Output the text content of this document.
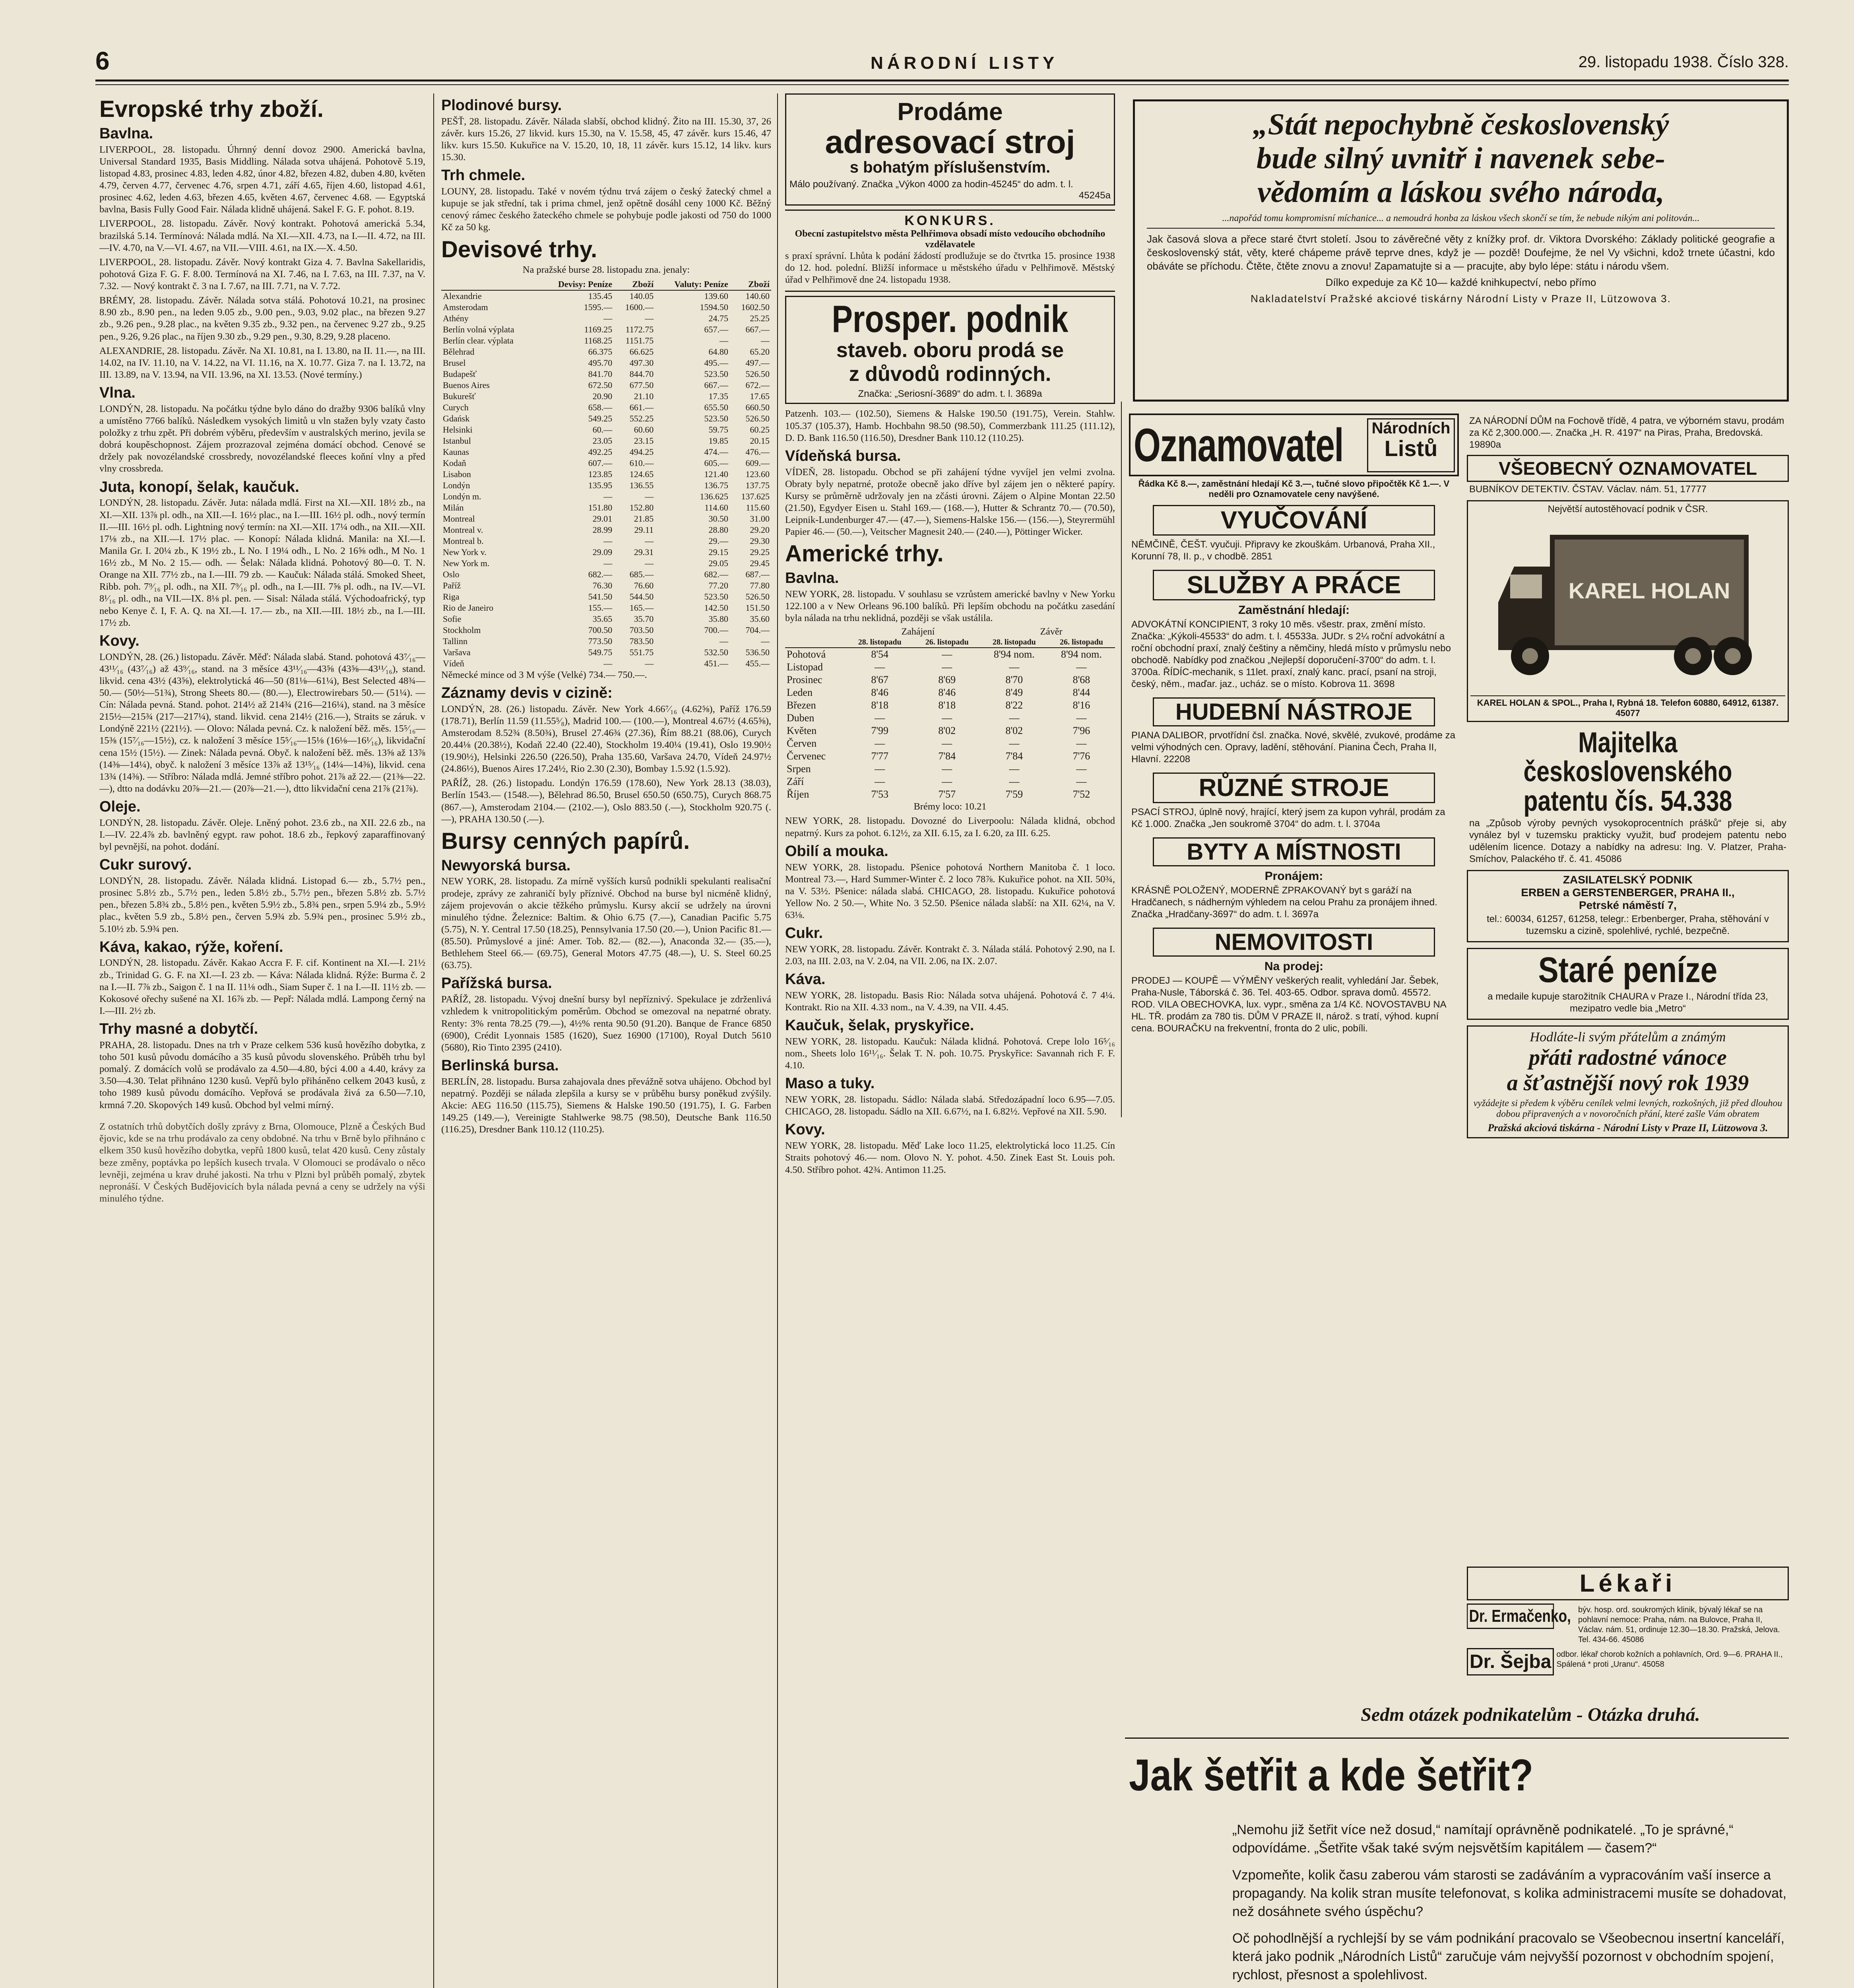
6	NÁRODNÍ LISTY	29. listopadu 1938. Číslo 328.
Evropské trhy zboží.
Bavlna.

LIVERPOOL, 28. listopadu. Úhrnný denní dovoz 2900. Americká bavlna, Universal Standard 1935, Basis Middling. Nálada sotva uhájená. Pohotově 5.19, listopad 4.83, prosinec 4.83, leden 4.82, únor 4.82, březen 4.82, duben 4.80, květen 4.79, červen 4.77, červenec 4.76, srpen 4.71, září 4.65, říjen 4.60, listopad 4.61, prosinec 4.62, leden 4.63, březen 4.65, květen 4.67, červenec 4.68. — Egyptská bavlna, Basis Fully Good Fair. Nálada klidně uhájená. Sakel F. G. F. pohot. 8.19.

LIVERPOOL, 28. listopadu. Závěr. Nový kontrakt. Pohotová americká 5.34, brazilská 5.14. Termínová: Nálada mdlá. Na XI.—XII. 4.73, na I.—II. 4.72, na III.—IV. 4.70, na V.—VI. 4.67, na VII.—VIII. 4.61, na IX.—X. 4.50.

LIVERPOOL, 28. listopadu. Závěr. Nový kontrakt Giza 4. 7. Bavlna Sakellaridis, pohotová Giza F. G. F. 8.00. Termínová na XI. 7.46, na I. 7.63, na III. 7.37, na V. 7.32. — Nový kontrakt č. 3 na I. 7.67, na III. 7.71, na V. 7.72.

BRÉMY, 28. listopadu. Závěr. Nálada sotva stálá. Pohotová 10.21, na prosinec 8.90 zb., 8.90 pen., na leden 9.05 zb., 9.00 pen., 9.03, 9.02 plac., na březen 9.27 zb., 9.26 pen., 9.28 plac., na květen 9.35 zb., 9.32 pen., na červenec 9.27 zb., 9.25 pen., 9.26, 9.26 plac., na říjen 9.30 zb., 9.29 pen., 9.30, 8.29, 9.28 placeno.

ALEXANDRIE, 28. listopadu. Závěr. Na XI. 10.81, na I. 13.80, na II. 11.—, na III. 14.02, na IV. 11.10, na V. 14.22, na VI. 11.16, na X. 10.77. Giza 7. na I. 13.72, na III. 13.89, na V. 13.94, na VII. 13.96, na XI. 13.53. (Nové termíny.)

Vlna.

LONDÝN, 28. listopadu. Na počátku týdne bylo dáno do dražby 9306 balíků vlny a umístěno 7766 balíků. Následkem vysokých limitů u vln stažen byly vzaty často položky z trhu zpět. Při dobrém výběru, především v australských merino, jevila se dobrá koupěschopnost. Zájem prozrazoval zejména domácí obchod. Cenové se držely pak novozélandské crossbredy, novozélandské fleeces koňní vlny a před vlny crossbreda.

Juta, konopí, šelak, kaučuk.

LONDÝN, 28. listopadu. Závěr. Juta: nálada mdlá. First na XI.—XII. 18½ zb., na XI.—XII. 13⅞ pl. odh., na XII.—I. 16½ plac., na I.—III. 16½ pl. odh., nový termín II.—III. 16½ pl. odh. Lightning nový termín: na XI.—XII. 17¼ odh., na XII.—XII. 17⅛ zb., na XII.—I. 17½ plac. — Konopí: Nálada klidná. Manila: na XI.—I. Manila Gr. I. 20¼ zb., K 19½ zb., L No. I 19¼ odh., L No. 2 16⅝ odh., M No. 1 16½ zb., M No. 2 15.— odh. — Šelak: Nálada klidná. Pohotový 80—0. T. N. Orange na XII. 77½ zb., na I.—III. 79 zb. — Kaučuk: Nálada stálá. Smoked Sheet, Ribb. poh. 7⁹⁄₁₆ pl. odh., na XII. 7⁹⁄₁₆ pl. odh., na I.—III. 7⅝ pl. odh., na IV.—VI. 8¹⁄₁₆ pl. odh., na VII.—IX. 8⅛ pl. pen. — Sisal: Nálada stálá. Východoafrický, typ nebo Kenye č. I, F. A. Q. na XI.—I. 17.— zb., na XII.—III. 18½ zb., na I.—III. 17½ zb.

Kovy.

LONDÝN, 28. (26.) listopadu. Závěr. Měď: Nálada slabá. Stand. pohotová 43⁷⁄₁₆—43¹¹⁄₁₆ (43⁷⁄₁₆) až 43⁹⁄₁₆, stand. na 3 měsíce 43¹¹⁄₁₆—43⅝ (43⅝—43¹¹⁄₁₆), stand. likvid. cena 43½ (43⅝), elektrolytická 46—50 (81⅛—61¼), Best Selected 48¾—50.— (50½—51¾), Strong Sheets 80.— (80.—), Electrowirebars 50.— (51¼). — Cín: Nálada pevná. Stand. pohot. 214½ až 214¾ (216—216¼), stand. na 3 měsíce 215½—215¾ (217—217¼), stand. likvid. cena 214½ (216.—), Straits se záruk. v Londýně 221½ (221½). — Olovo: Nálada pevná. Cz. k naložení běž. měs. 15⁵⁄₁₆—15⅜ (15⁷⁄₁₆—15½), cz. k naložení 3 měsíce 15⁵⁄₁₆—15⅛ (16⅛—16¹⁄₁₆), likvidační cena 15½ (15½). — Zinek: Nálada pevná. Obyč. k naložení běž. měs. 13⅝ až 13⅞ (14⅜—14¼), obyč. k naložení 3 měsíce 13⅞ až 13¹⁵⁄₁₆ (14¼—14⅜), likvid. cena 13¾ (14⅜). — Stříbro: Nálada mdlá. Jemné stříbro pohot. 21⅞ až 22.— (21⅜—22.—), dtto na dodávku 20⅞—21.— (20⅞—21.—), dtto likvidační cena 21⅞ (21⅞).

Oleje.

LONDÝN, 28. listopadu. Závěr. Oleje. Lněný pohot. 23.6 zb., na XII. 22.6 zb., na I.—IV. 22.4⅞ zb. bavlněný egypt. raw pohot. 18.6 zb., řepkový zaparaffinovaný byl pevnější, na pohot. dodání.

Cukr surový.

LONDÝN, 28. listopadu. Závěr. Nálada klidná. Listopad 6.— zb., 5.7½ pen., prosinec 5.8½ zb., 5.7½ pen., leden 5.8½ zb., 5.7½ pen., březen 5.8½ zb. 5.7½ pen., březen 5.8¾ zb., 5.8½ pen., květen 5.9½ zb., 5.8¾ pen., srpen 5.9¼ zb., 5.9½ plac., květen 5.9 zb., 5.8½ pen., červen 5.9¾ zb. 5.9¾ pen., prosinec 5.9½ zb., 5.10½ zb. 5.9¾ pen.

Káva, kakao, rýže, koření.

LONDÝN, 28. listopadu. Závěr. Kakao Accra F. F. cif. Kontinent na XI.—I. 21½ zb., Trinidad G. G. F. na XI.—I. 23 zb. — Káva: Nálada klidná. Rýže: Burma č. 2 na I.—II. 7⅞ zb., Saigon č. 1 na II. 11⅛ odh., Siam Super č. 1 na I.—II. 11½ zb. — Kokosové ořechy sušené na XI. 16⅞ zb. — Pepř: Nálada mdlá. Lampong černý na I.—III. 2½ zb.

Trhy masné a dobytčí.

PRAHA, 28. listopadu. Dnes na trh v Praze celkem 536 kusů hovězího dobytka, z toho 501 kusů původu domácího a 35 kusů původu slovenského. Průběh trhu byl pomalý. Z domácích volů se prodávalo za 4.50—4.80, býci 4.00 a 4.40, krávy za 3.50—4.30. Telat přihnáno 1230 kusů. Vepřů bylo přiháněno celkem 2043 kusů, z toho 1989 kusů původu domácího. Vepřová se prodávala živá za 6.50—7.10, krmná 7.20. Skopových 149 kusů. Obchod byl velmi mírný.

Z ostatních trhů dobytčích došly zprávy z Brna, Olomouce, Plzně a Českých Budějovic, kde se na trhu prodávalo za ceny obdobné. Na trhu v Brně bylo přihnáno celkem 350 kusů hovězího dobytka, vepřů 1800 kusů, telat 420 kusů. Ceny zůstaly beze změny, poptávka po lepších kusech trvala. V Olomouci se prodávalo o něco levněji, zejména u krav druhé jakosti. Na trhu v Plzni byl průběh pomalý, zbytek nepronáší. V Českých Budějovicích byla nálada pevná a ceny se udržely na výši minulého týdne.

Plodinové bursy.

PEŠŤ, 28. listopadu. Závěr. Nálada slabší, obchod klidný. Žito na III. 15.30, 37, 26 závěr. kurs 15.26, 27 likvid. kurs 15.30, na V. 15.58, 45, 47 závěr. kurs 15.46, 47 likv. kurs 15.50. Kukuřice na V. 15.20, 10, 18, 11 závěr. kurs 15.12, 14 likv. kurs 15.30.

Trh chmele.

LOUNY, 28. listopadu. Také v novém týdnu trvá zájem o český žatecký chmel a kupuje se jak střední, tak i prima chmel, jenž opětně dosáhl ceny 1000 Kč. Běžný cenový rámec českého žateckého chmele se pohybuje podle jakosti od 750 do 1000 Kč za 50 kg.

Devisové trhy.

Na pražské burse 28. listopadu zna. jenaly:

	Devisy: Peníze	Zboží	Valuty: Peníze	Zboží
Alexandrie	135.45	140.05	139.60	140.60
Amsterodam	1595.—	1600.—	1594.50	1602.50
Athény	—	—	24.75	25.25
Berlín volná výplata	1169.25	1172.75	657.—	667.—
Berlín clear. výplata	1168.25	1151.75	—	—
Bělehrad	66.375	66.625	64.80	65.20
Brusel	495.70	497.30	495.—	497.—
Budapešť	841.70	844.70	523.50	526.50
Buenos Aires	672.50	677.50	667.—	672.—
Bukurešť	20.90	21.10	17.35	17.65
Curych	658.—	661.—	655.50	660.50
Gdańsk	549.25	552.25	523.50	526.50
Helsinki	60.—	60.60	59.75	60.25
Istanbul	23.05	23.15	19.85	20.15
Kaunas	492.25	494.25	474.—	476.—
Kodaň	607.—	610.—	605.—	609.—
Lisabon	123.85	124.65	121.40	123.60
Londýn	135.95	136.55	136.75	137.75
Londýn m.	—	—	136.625	137.625
Milán	151.80	152.80	114.60	115.60
Montreal	29.01	21.85	30.50	31.00
Montreal v.	28.99	29.11	28.80	29.20
Montreal b.	—	—	29.—	29.30
New York v.	29.09	29.31	29.15	29.25
New York m.	—	—	29.05	29.45
Oslo	682.—	685.—	682.—	687.—
Paříž	76.30	76.60	77.20	77.80
Riga	541.50	544.50	523.50	526.50
Rio de Janeiro	155.—	165.—	142.50	151.50
Sofie	35.65	35.70	35.80	35.60
Stockholm	700.50	703.50	700.—	704.—
Tallinn	773.50	783.50	—	—
Varšava	549.75	551.75	532.50	536.50
Vídeň	—	—	451.—	455.—

Německé mince od 3 M výše (Velké) 734.— 750.—.

Záznamy devis v cizině:

LONDÝN, 28. (26.) listopadu. Závěr. New York 4.66⁷⁄₁₆ (4.62⅝), Paříž 176.59 (178.71), Berlín 11.59 (11.55⁵⁄₈), Madrid 100.— (100.—), Montreal 4.67½ (4.65⅝), Amsterodam 8.52¾ (8.50¾), Brusel 27.46¾ (27.36), Řím 88.21 (88.06), Curych 20.44⅛ (20.38½), Kodaň 22.40 (22.40), Stockholm 19.40¼ (19.41), Oslo 19.90½ (19.90½), Helsinki 226.50 (226.50), Praha 135.60, Varšava 24.70, Vídeň 24.97½ (24.86½), Buenos Aires 17.24½, Rio 2.30 (2.30), Bombay 1.5.92 (1.5.92).

PAŘÍŽ, 28. (26.) listopadu. Londýn 176.59 (178.60), New York 28.13 (38.03), Berlín 1543.— (1548.—), Bělehrad 86.50, Brusel 650.50 (650.75), Curych 868.75 (867.—), Amsterodam 2104.— (2102.—), Oslo 883.50 (.—), Stockholm 920.75 (.—), PRAHA 130.50 (.—).

Bursy cenných papírů.
Newyorská bursa.

NEW YORK, 28. listopadu. Za mírně vyšších kursů podnikli spekulanti realisační prodeje, zprávy ze zahraničí byly příznivé. Obchod na burse byl nicméně klidný, zájem projevován o akcie těžkého průmyslu. Kursy akcií se udržely na úrovni minulého týdne. Železnice: Baltim. & Ohio 6.75 (7.—), Canadian Pacific 5.75 (5.75), N. Y. Central 17.50 (18.25), Pennsylvania 17.50 (20.—), Union Pacific 81.— (85.50). Průmyslové a jiné: Amer. Tob. 82.— (82.—), Anaconda 32.— (35.—), Bethlehem Steel 66.— (69.75), General Motors 47.75 (48.—), U. S. Steel 60.25 (63.75).

Pařížská bursa.

PAŘÍŽ, 28. listopadu. Vývoj dnešní bursy byl nepříznivý. Spekulace je zdrženlivá vzhledem k vnitropolitickým poměrům. Obchod se omezoval na nepatrné obraty. Renty: 3% renta 78.25 (79.—), 4½% renta 90.50 (91.20). Banque de France 6850 (6900), Crédit Lyonnais 1585 (1620), Suez 16900 (17100), Royal Dutch 5610 (5680), Rio Tinto 2395 (2410).

Berlinská bursa.

BERLÍN, 28. listopadu. Bursa zahajovala dnes převážně sotva uhájeno. Obchod byl nepatrný. Později se nálada zlepšila a kursy se v průběhu bursy poněkud zvýšily. Akcie: AEG 116.50 (115.75), Siemens & Halske 190.50 (191.75), I. G. Farben 149.25 (149.—), Vereinigte Stahlwerke 98.75 (98.50), Deutsche Bank 116.50 (116.25), Dresdner Bank 110.12 (110.25).

Prodáme
adresovací stroj
s bohatým příslušenstvím.
Málo používaný. Značka „Výkon 4000 za hodin-45245“ do adm. t. l.
45245a
KONKURS.
Obecní zastupitelstvo města Pelhřimova obsadí místo vedoucího obchodního vzdělavatele

s praxí správní. Lhůta k podání žádostí prodlužuje se do čtvrtka 15. prosince 1938 do 12. hod. polední. Bližší informace u městského úřadu v Pelhřimově. Městský úřad v Pelhřimově dne 24. listopadu 1938.

Prosper. podnik
staveb. oboru prodá se
z důvodů rodinných.
Značka: „Seriosní-3689“ do adm. t. l. 3689a

Patzenh. 103.— (102.50), Siemens & Halske 190.50 (191.75), Verein. Stahlw. 105.37 (105.37), Hamb. Hochbahn 98.50 (98.50), Commerzbank 111.25 (111.12), D. D. Bank 116.50 (116.50), Dresdner Bank 110.12 (110.25).

Vídeňská bursa.

VÍDEŇ, 28. listopadu. Obchod se při zahájení týdne vyvíjel jen velmi zvolna. Obraty byly nepatrné, protože obecně jako dříve byl zájem jen o některé papíry. Kursy se průměrně udržovaly jen na zčásti úrovni. Zájem o Alpine Montan 22.50 (21.50), Egydyer Eisen u. Stahl 169.— (168.—), Hutter & Schrantz 70.— (70.50), Leipnik-Lundenburger 47.— (47.—), Siemens-Halske 156.— (156.—), Steyrermühl Papier 46.— (50.—), Veitscher Magnesit 240.— (240.—), Pöttinger Wicker.

Americké trhy.
Bavlna.

NEW YORK, 28. listopadu. V souhlasu se vzrůstem americké bavlny v New Yorku 122.100 a v New Orleans 96.100 balíků. Při lepším obchodu na počátku zasedání byla nálada na trhu neklidná, později se však ustálila.

Zahájení	Závěr
	28. listopadu	26. listopadu	28. listopadu	26. listopadu
Pohotová	8'54	—	8'94 nom.	8'94 nom.
Listopad	—	—	—	—
Prosinec	8'67	8'69	8'70	8'68
Leden	8'46	8'46	8'49	8'44
Březen	8'18	8'18	8'22	8'16
Duben	—	—	—	—
Květen	7'99	8'02	8'02	7'96
Červen	—	—	—	—
Červenec	7'77	7'84	7'84	7'76
Srpen	—	—	—	—
Září	—	—	—	—
Říjen	7'53	7'57	7'59	7'52

Brémy loco: 10.21

NEW YORK, 28. listopadu. Dovozné do Liverpoolu: Nálada klidná, obchod nepatrný. Kurs za pohot. 6.12½, za XII. 6.15, za I. 6.20, za III. 6.25.

Obilí a mouka.

NEW YORK, 28. listopadu. Pšenice pohotová Northern Manitoba č. 1 loco. Montreal 73.—, Hard Summer-Winter č. 2 loco 78⅞. Kukuřice pohot. na XII. 50¾, na V. 53½. Pšenice: nálada slabá. CHICAGO, 28. listopadu. Kukuřice pohotová Yellow No. 2 50.—, White No. 3 52.50. Pšenice nálada slabší: na XII. 62¼, na V. 63⅛.

Cukr.

NEW YORK, 28. listopadu. Závěr. Kontrakt č. 3. Nálada stálá. Pohotový 2.90, na I. 2.03, na III. 2.03, na V. 2.04, na VII. 2.06, na IX. 2.07.

Káva.

NEW YORK, 28. listopadu. Basis Rio: Nálada sotva uhájená. Pohotová č. 7 4¼. Kontrakt. Rio na XII. 4.33 nom., na V. 4.39, na VII. 4.45.

Kaučuk, šelak, pryskyřice.

NEW YORK, 28. listopadu. Kaučuk: Nálada klidná. Pohotová. Crepe lolo 16⁵⁄₁₆ nom., Sheets lolo 16¹¹⁄₁₆. Šelak T. N. poh. 10.75. Pryskyřice: Savannah rich F. F. 4.10.

Maso a tuky.

NEW YORK, 28. listopadu. Sádlo: Nálada slabá. Středozápadní loco 6.95—7.05. CHICAGO, 28. listopadu. Sádlo na XII. 6.67½, na I. 6.82½. Vepřové na XII. 5.90.

Kovy.

NEW YORK, 28. listopadu. Měď Lake loco 11.25, elektrolytická loco 11.25. Cín Straits pohotový 46.— nom. Olovo N. Y. pohot. 4.50. Zinek East St. Louis poh. 4.50. Stříbro pohot. 42¾. Antimon 11.25.

„Stát nepochybně československý
bude silný uvnitř i navenek sebe-
vědomím a láskou svého národa,
...napořád tomu kompromisní míchanice... a nemoudrá honba za láskou všech skončí se tím, že nebude nikým ani politován...

Jak časová slova a přece staré čtvrt století. Jsou to závěrečné věty z knížky prof. dr. Viktora Dvorského: Základy politické geografie a československý stát, věty, které chápeme právě teprve dnes, když je — pozdě! Doufejme, že nel Vy všichni, kdož trnete účastni, kdo obáváte se příchodu. Čtěte, čtěte znovu a znovu! Zapamatujte si a — pracujte, aby bylo lépe: státu i národu všem.

Dílko expeduje za Kč 10— každé knihkupectví, nebo přímo
Nakladatelství Pražské akciové tiskárny Národní Listy v Praze II, Lützowova 3.
Oznamovatel Národních
Listů
Řádka Kč 8.—, zaměstnání hledají Kč 3.—, tučné slovo připočtěk Kč 1.—. V neděli pro Oznamovatele ceny navýšené.
VYUČOVÁNÍ
NĚMČINĚ, ČEŠT. vyučuji. Připravy ke zkouškám. Urbanová, Praha XII., Korunní 78, II. p., v chodbě. 2851
SLUŽBY A PRÁCE
Zaměstnání hledají:
ADVOKÁTNÍ KONCIPIENT, 3 roky 10 měs. všestr. prax, změní místo. Značka: „Kýkoli-45533“ do adm. t. l. 45533a. JUDr. s 2¼ roční advokátní a roční obchodní praxí, znalý češtiny a němčiny, hledá místo v průmyslu nebo obchodě. Nabídky pod značkou „Nejlepší doporučení-3700“ do adm. t. l. 3700a. ŘÍDÍC-mechanik, s 11let. praxí, znalý kanc. prací, psaní na stroji, český, něm., maďar. jaz., ucház. se o místo. Kobrova 11. 3698
HUDEBNÍ NÁSTROJE
PIANA DALIBOR, prvotřídní čsl. značka. Nové, skvělé, zvukové, prodáme za velmi výhodných cen. Opravy, ladění, stěhování. Pianina Čech, Praha II, Hlavní. 22208
RŮZNÉ STROJE
PSACÍ STROJ, úplně nový, hrající, který jsem za kupon vyhrál, prodám za Kč 1.000. Značka „Jen soukromě 3704“ do adm. t. l. 3704a
BYTY A MÍSTNOSTI
Pronájem:
KRÁSNĚ POLOŽENÝ, MODERNĚ ZPRAKOVANÝ byt s garáží na Hradčanech, s nádherným výhledem na celou Prahu za pronájem ihned. Značka „Hradčany-3697“ do adm. t. l. 3697a
NEMOVITOSTI
Na prodej:
PRODEJ — KOUPĚ — VÝMĚNY veškerých realit, vyhledání Jar. Šebek, Praha-Nusle, Táborská č. 36. Tel. 403-65. Odbor. sprava domů. 45572. ROD. VILA OBECHOVKA, lux. vypr., směna za 1/4 Kč. NOVOSTAVBU NA HL. TŘ. prodám za 780 tis. DŮM V PRAZE II, nárož. s tratí, výhod. kupní cena. BOURAČKU na frekventní, fronta do 2 ulic, pobíli.
ZA NÁRODNÍ DŮM na Fochově třídě, 4 patra, ve výborném stavu, prodám za Kč 2,300.000.—. Značka „H. R. 4197“ na Piras, Praha, Bredovská. 19890a
VŠEOBECNÝ OZNAMOVATEL
BUBNÍKOV DETEKTIV. ČSTAV. Václav. nám. 51, 17777
Největší autostěhovací podnik v ČSR.
KAREL HOLAN
KAREL HOLAN & SPOL., Praha I, Rybná 18. Telefon 60880, 64912, 61387. 45077
Majitelka československého
patentu čís. 54.338
na „Způsob výroby pevných vysokoprocentních prášků“ přeje si, aby vynález byl v tuzemsku prakticky využit, buď prodejem patentu nebo udělením licence. Dotazy a nabídky na adresu: Ing. V. Platzer, Praha-Smíchov, Palackého tř. č. 41. 45086
ZASILATELSKÝ PODNIK
ERBEN a GERSTENBERGER, PRAHA II.,
Petrské náměstí 7,
tel.: 60034, 61257, 61258, telegr.: Erbenberger, Praha, stěhování v tuzemsku a cizině, spolehlivé, rychlé, bezpečně.
Staré peníze
a medaile kupuje starožitník CHAURA v Praze I., Národní třída 23, mezipatro vedle bia „Metro“
Hodláte-li svým přátelům a známým
přáti radostné vánoce
a šťastnější nový rok 1939
vyžádejte si předem k výběru cenílek velmi levných, rozkošných, již před dlouhou dobou připravených a v novoročních přání, které zašle Vám obratem
Pražská akciová tiskárna - Národní Listy v Praze II, Lützowova 3.
Lékaři
Dr. Ermačenko, býv. hosp. ord. soukromých klinik, bývalý lékař se na pohlavní nemoce: Praha, nám. na Bulovce, Praha II, Václav. nám. 51, ordinuje 12.30—18.30. Pražská, Jelova. Tel. 434-66. 45086
Dr. Šejba odbor. lékař chorob kožních a pohlavních, Ord. 9—6. PRAHA II., Spálená * proti „Uranu“. 45058
Sedm otázek podnikatelům - Otázka druhá.
Jak šetřit a kde šetřit?

„Nemohu již šetřit více než dosud,“ namítají oprávněně podnikatelé. „To je správné,“ odpovídáme. „Šetřite však také svým nejsvětším kapitálem — časem?“

Vzpomeňte, kolik času zaberou vám starosti se zadáváním a vypracováním vaší inserce a propagandy. Na kolik stran musíte telefonovat, s kolika administracemi musíte se dohadovat, než dosáhnete svého úspěchu?

Oč pohodlnější a rychlejší by se vám podnikání pracovalo se Všeobecnou insertní kanceláří, která jako podnik „Národních Listů“ zaručuje vám nejvyšší pozornost v obchodním spojení, rychlost, přesnost a spolehlivost.
